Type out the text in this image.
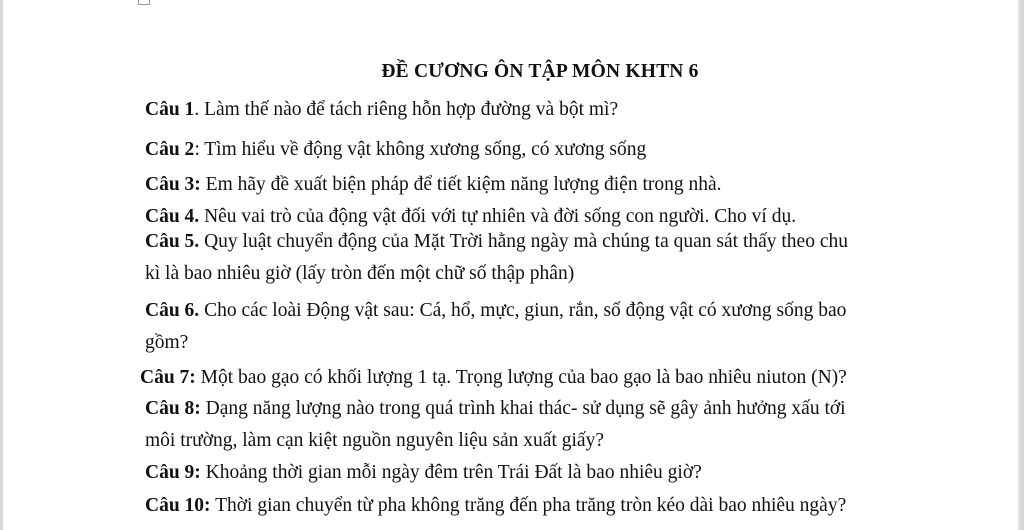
ĐỀ CƯƠNG ÔN TẬP MÔN KHTN 6
Câu 1. Làm thế nào để tách riêng hỗn hợp đường và bột mì?
Câu 2: Tìm hiểu về động vật không xương sống, có xương sống
Câu 3: Em hãy đề xuất biện pháp để tiết kiệm năng lượng điện trong nhà.
Câu 4. Nêu vai trò của động vật đối với tự nhiên và đời sống con người. Cho ví dụ.
Câu 5. Quy luật chuyển động của Mặt Trời hằng ngày mà chúng ta quan sát thấy theo chu
kì là bao nhiêu giờ (lấy tròn đến một chữ số thập phân)
Câu 6. Cho các loài Động vật sau: Cá, hổ, mực, giun, rắn, số động vật có xương sống bao
gồm?
Câu 7: Một bao gạo có khối lượng 1 tạ. Trọng lượng của bao gạo là bao nhiêu niuton (N)?
Câu 8: Dạng năng lượng nào trong quá trình khai thác- sử dụng sẽ gây ảnh hưởng xấu tới
môi trường, làm cạn kiệt nguồn nguyên liệu sản xuất giấy?
Câu 9: Khoảng thời gian mỗi ngày đêm trên Trái Đất là bao nhiêu giờ?
Câu 10: Thời gian chuyển từ pha không trăng đến pha trăng tròn kéo dài bao nhiêu ngày?
